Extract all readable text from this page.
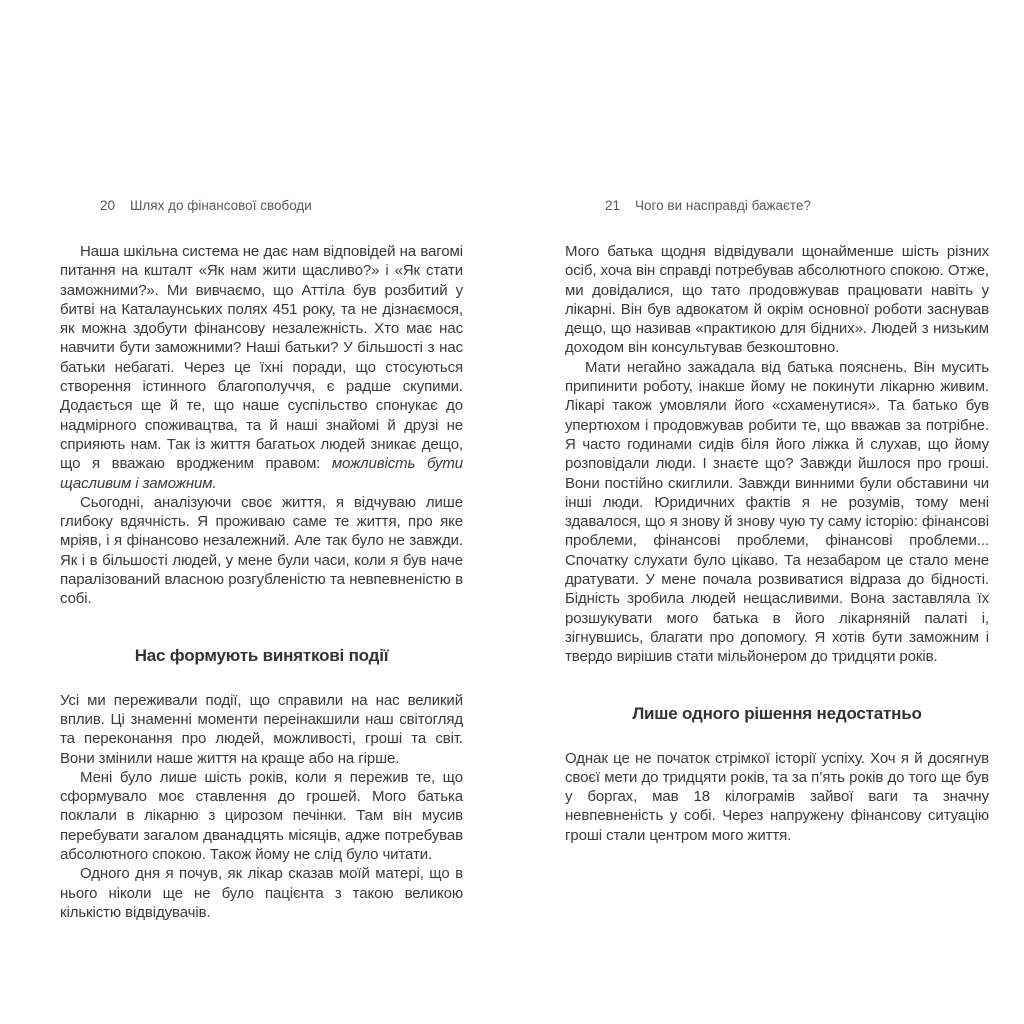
20 Шлях до фінансової свободи

Наша шкільна система не дає нам відповідей на вагомі питання на кшталт «Як нам жити щасливо?» і «Як стати заможними?». Ми вивчаємо, що Аттіла був розбитий у битві на Каталаунських полях 451 року, та не дізнаємося, як можна здобути фінансову незалежність. Хто має нас навчити бути заможними? Наші батьки? У більшості з нас батьки небагаті. Через це їхні поради, що стосуються створення істинного благополуччя, є радше скупими. Додається ще й те, що наше суспільство спонукає до надмірного споживацтва, та й наші знайомі й друзі не сприяють нам. Так із життя багатьох людей зникає дещо, що я вважаю вродженим правом: можливість бути щасливим і заможним.

Сьогодні, аналізуючи своє життя, я відчуваю лише глибоку вдячність. Я проживаю саме те життя, про яке мріяв, і я фінансово незалежний. Але так було не завжди. Як і в більшості людей, у мене були часи, коли я був наче паралізований власною розгубленістю та невпевненістю в собі.

Нас формують виняткові події

Усі ми переживали події, що справили на нас великий вплив. Ці знаменні моменти переінакшили наш світогляд та переконання про людей, можливості, гроші та світ. Вони змінили наше життя на краще або на гірше.

Мені було лише шість років, коли я пережив те, що сформувало моє ставлення до грошей. Мого батька поклали в лікарню з цирозом печінки. Там він мусив перебувати загалом дванадцять місяців, адже потребував абсолютного спокою. Також йому не слід було читати.

Одного дня я почув, як лікар сказав моїй матері, що в нього ніколи ще не було пацієнта з такою великою кількістю відвідувачів.

21 Чого ви насправді бажаєте?

Мого батька щодня відвідували щонайменше шість різних осіб, хоча він справді потребував абсолютного спокою. Отже, ми довідалися, що тато продовжував працювати навіть у лікарні. Він був адвокатом й окрім основної роботи заснував дещо, що називав «практикою для бідних». Людей з низьким доходом він консультував безкоштовно.

Мати негайно зажадала від батька пояснень. Він мусить припинити роботу, інакше йому не покинути лікарню живим. Лікарі також умовляли його «схаменутися». Та батько був упертюхом і продовжував робити те, що вважав за потрібне. Я часто годинами сидів біля його ліжка й слухав, що йому розповідали люди. І знаєте що? Завжди йшлося про гроші. Вони постійно скиглили. Завжди винними були обставини чи інші люди. Юридичних фактів я не розумів, тому мені здавалося, що я знову й знову чую ту саму історію: фінансові проблеми, фінансові проблеми, фінансові проблеми... Спочатку слухати було цікаво. Та незабаром це стало мене дратувати. У мене почала розвиватися відраза до бідності. Бідність зробила людей нещасливими. Вона заставляла їх розшукувати мого батька в його лікарняній палаті і, зігнувшись, благати про допомогу. Я хотів бути заможним і твердо вирішив стати мільйонером до тридцяти років.

Лише одного рішення недостатньо

Однак це не початок стрімкої історії успіху. Хоч я й досягнув своєї мети до тридцяти років, та за п’ять років до того ще був у боргах, мав 18 кілограмів зайвої ваги та значну невпевненість у собі. Через напружену фінансову ситуацію гроші стали центром мого життя.
